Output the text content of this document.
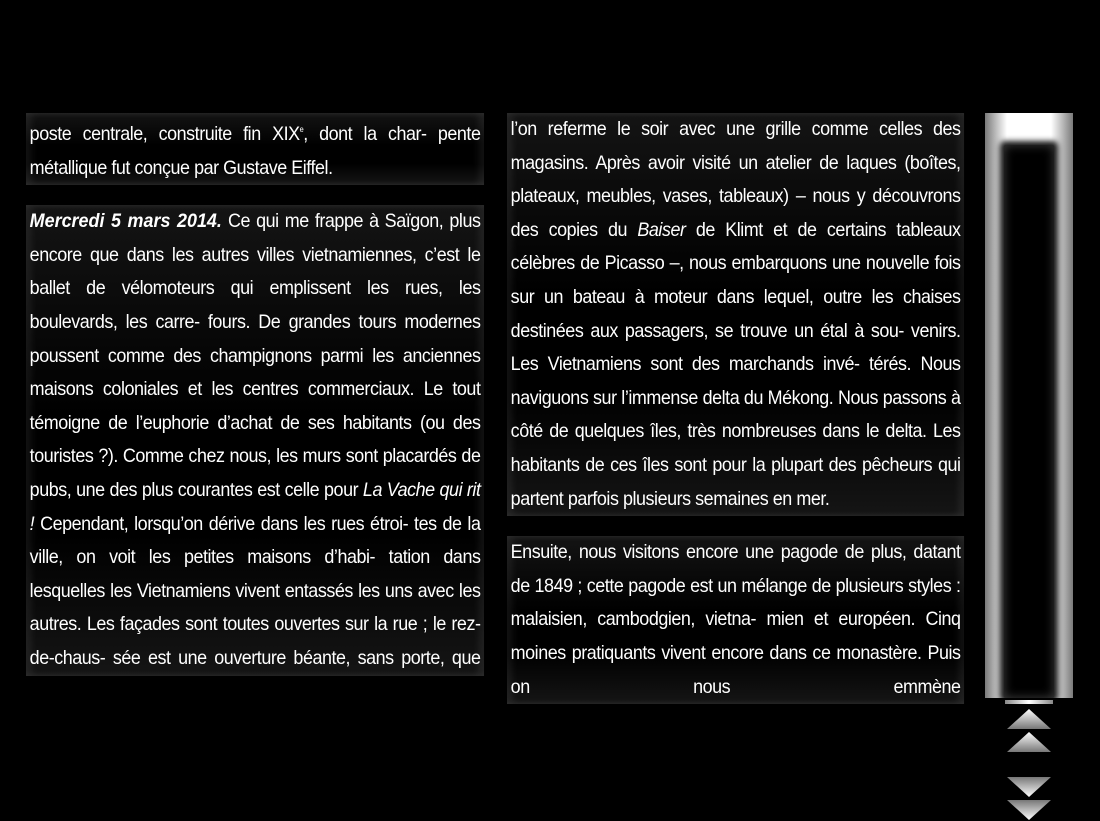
poste centrale, construite fin XIXe, dont la char- pente métallique fut conçue par Gustave Eiffel.

Mercredi 5 mars 2014. Ce qui me frappe à Saïgon, plus encore que dans les autres villes vietnamiennes, c’est le ballet de vélomoteurs qui emplissent les rues, les boulevards, les carre- fours. De grandes tours modernes poussent comme des champignons parmi les anciennes maisons coloniales et les centres commerciaux. Le tout témoigne de l’euphorie d’achat de ses habitants (ou des touristes ?). Comme chez nous, les murs sont placardés de pubs, une des plus courantes est celle pour La Vache qui rit ! Cependant, lorsqu’on dérive dans les rues étroi- tes de la ville, on voit les petites maisons d’habi- tation dans lesquelles les Vietnamiens vivent entassés les uns avec les autres. Les façades sont toutes ouvertes sur la rue ; le rez-de-chaus- sée est une ouverture béante, sans porte, que

l’on referme le soir avec une grille comme celles des magasins. Après avoir visité un atelier de laques (boîtes, plateaux, meubles, vases, tableaux) – nous y découvrons des copies du Baiser de Klimt et de certains tableaux célèbres de Picasso –, nous embarquons une nouvelle fois sur un bateau à moteur dans lequel, outre les chaises destinées aux passagers, se trouve un étal à sou- venirs. Les Vietnamiens sont des marchands invé- térés. Nous naviguons sur l’immense delta du Mékong. Nous passons à côté de quelques îles, très nombreuses dans le delta. Les habitants de ces îles sont pour la plupart des pêcheurs qui partent parfois plusieurs semaines en mer.

Ensuite, nous visitons encore une pagode de plus, datant de 1849 ; cette pagode est un mélange de plusieurs styles : malaisien, cambodgien, vietna- mien et européen. Cinq moines pratiquants vivent encore dans ce monastère. Puis on nous emmène
